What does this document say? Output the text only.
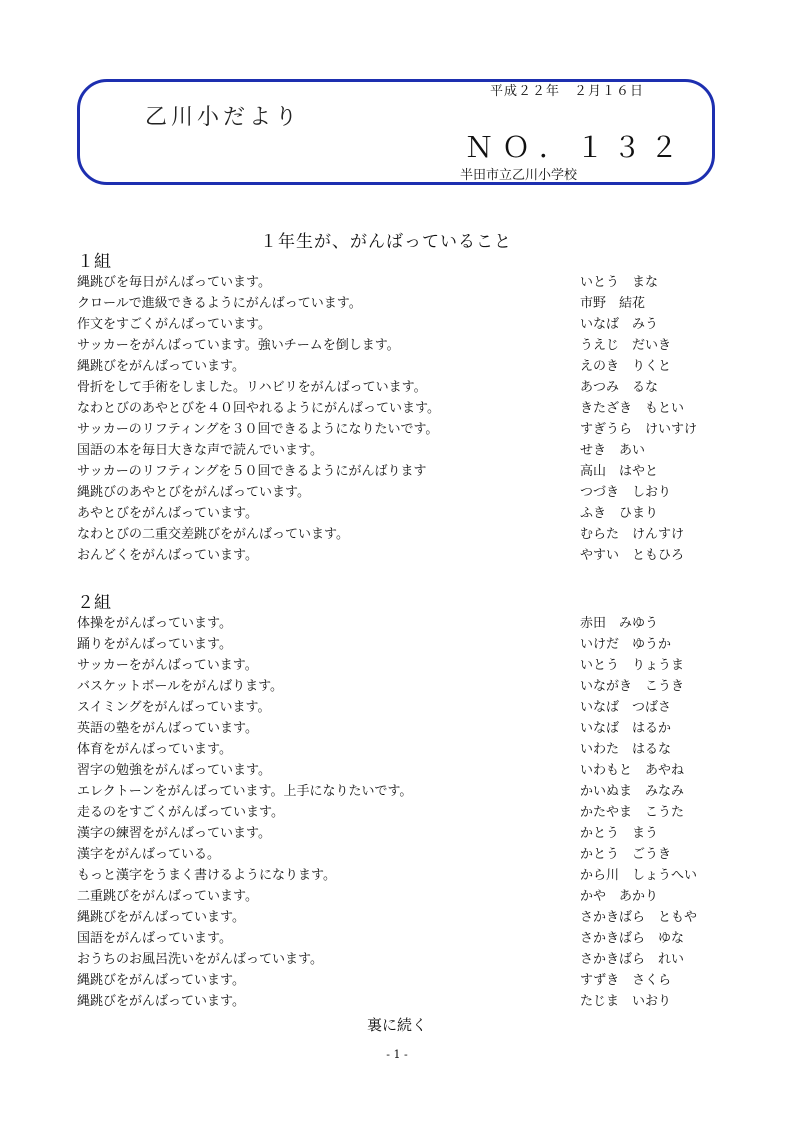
乙川小だより
平成２２年　２月１６日
ＮＯ．１３２
半田市立乙川小学校
１年生が、がんばっていること
１組
縄跳びを毎日がんばっています。	いとう　まな
クロールで進級できるようにがんばっています。	市野　結花
作文をすごくがんばっています。	いなば　みう
サッカーをがんばっています。強いチームを倒します。	うえじ　だいき
縄跳びをがんばっています。	えのき　りくと
骨折をして手術をしました。リハビリをがんばっています。	あつみ　るな
なわとびのあやとびを４０回やれるようにがんばっています。	きたざき　もとい
サッカーのリフティングを３０回できるようになりたいです。	すぎうら　けいすけ
国語の本を毎日大きな声で読んでいます。	せき　あい
サッカーのリフティングを５０回できるようにがんばります	高山　はやと
縄跳びのあやとびをがんばっています。	つづき　しおり
あやとびをがんばっています。	ふき　ひまり
なわとびの二重交差跳びをがんばっています。	むらた　けんすけ
おんどくをがんばっています。	やすい　ともひろ
２組
体操をがんばっています。	赤田　みゆう
踊りをがんばっています。	いけだ　ゆうか
サッカーをがんばっています。	いとう　りょうま
バスケットボールをがんばります。	いながき　こうき
スイミングをがんばっています。	いなば　つばさ
英語の塾をがんばっています。	いなば　はるか
体育をがんばっています。	いわた　はるな
習字の勉強をがんばっています。	いわもと　あやね
エレクトーンをがんばっています。上手になりたいです。	かいぬま　みなみ
走るのをすごくがんばっています。	かたやま　こうた
漢字の練習をがんばっています。	かとう　まう
漢字をがんばっている。	かとう　ごうき
もっと漢字をうまく書けるようになります。	から川　しょうへい
二重跳びをがんばっています。	かや　あかり
縄跳びをがんばっています。	さかきばら　ともや
国語をがんばっています。	さかきばら　ゆな
おうちのお風呂洗いをがんばっています。	さかきばら　れい
縄跳びをがんばっています。	すずき　さくら
縄跳びをがんばっています。	たじま　いおり
裏に続く
- 1 -
